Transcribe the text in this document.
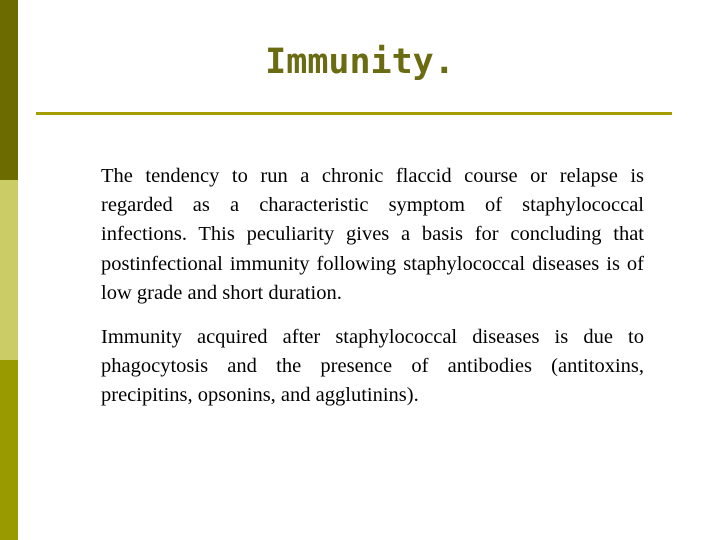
Immunity.

The tendency to run a chronic flaccid course or relapse is regarded as a characteristic symptom of staphylococcal infections. This peculiarity gives a basis for concluding that postinfectional immunity following staphylococcal diseases is of low grade and short duration.

Immunity acquired after staphylococcal diseases is due to phagocytosis and the presence of antibodies (antitoxins, precipitins, opsonins, and agglutinins).
